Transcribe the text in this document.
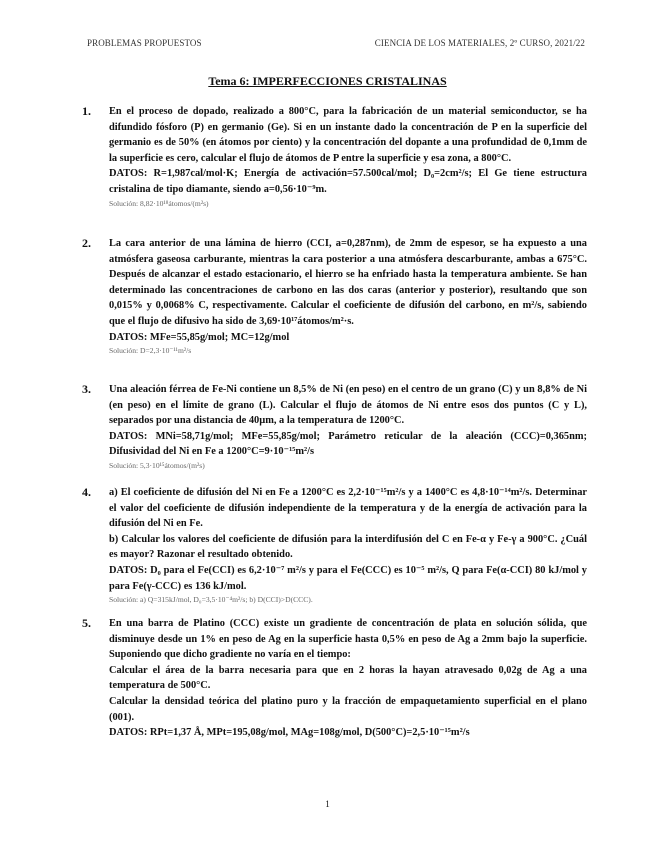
PROBLEMAS PROPUESTOS	CIENCIA DE LOS MATERIALES, 2º CURSO, 2021/22
Tema 6: IMPERFECCIONES CRISTALINAS
1. En el proceso de dopado, realizado a 800°C, para la fabricación de un material semiconductor, se ha difundido fósforo (P) en germanio (Ge). Si en un instante dado la concentración de P en la superficie del germanio es de 50% (en átomos por ciento) y la concentración del dopante a una profundidad de 0,1mm de la superficie es cero, calcular el flujo de átomos de P entre la superficie y esa zona, a 800°C.

DATOS: R=1,987cal/mol·K; Energía de activación=57.500cal/mol; D₀=2cm²/s; El Ge tiene estructura cristalina de tipo diamante, siendo a=0,56·10⁻⁹m.

Solución: 8,82·10¹⁸átomos/(m²s)

2. La cara anterior de una lámina de hierro (CCI, a=0,287nm), de 2mm de espesor, se ha expuesto a una atmósfera gaseosa carburante, mientras la cara posterior a una atmósfera descarburante, ambas a 675°C. Después de alcanzar el estado estacionario, el hierro se ha enfriado hasta la temperatura ambiente. Se han determinado las concentraciones de carbono en las dos caras (anterior y posterior), resultando que son 0,015% y 0,0068% C, respectivamente. Calcular el coeficiente de difusión del carbono, en m²/s, sabiendo que el flujo de difusivo ha sido de 3,69·10¹⁷átomos/m²·s.

DATOS: MFe=55,85g/mol; MC=12g/mol

Solución: D=2,3·10⁻¹¹m²/s

3. Una aleación férrea de Fe-Ni contiene un 8,5% de Ni (en peso) en el centro de un grano (C) y un 8,8% de Ni (en peso) en el límite de grano (L). Calcular el flujo de átomos de Ni entre esos dos puntos (C y L), separados por una distancia de 40µm, a la temperatura de 1200°C.

DATOS: MNi=58,71g/mol; MFe=55,85g/mol; Parámetro reticular de la aleación (CCC)=0,365nm; Difusividad del Ni en Fe a 1200°C=9·10⁻¹⁵m²/s

Solución: 5,3·10¹⁵átomos/(m²s)

4. a) El coeficiente de difusión del Ni en Fe a 1200°C es 2,2·10⁻¹⁵m²/s y a 1400°C es 4,8·10⁻¹⁴m²/s. Determinar el valor del coeficiente de difusión independiente de la temperatura y de la energía de activación para la difusión del Ni en Fe.

b) Calcular los valores del coeficiente de difusión para la interdifusión del C en Fe-α y Fe-γ a 900°C. ¿Cuál es mayor? Razonar el resultado obtenido.

DATOS: D₀ para el Fe(CCI) es 6,2·10⁻⁷ m²/s y para el Fe(CCC) es 10⁻⁵ m²/s, Q para Fe(α-CCI) 80 kJ/mol y para Fe(γ-CCC) es 136 kJ/mol.

Solución: a) Q=315kJ/mol, D₀=3,5·10⁻⁴m²/s; b) D(CCI)>D(CCC).

5. En una barra de Platino (CCC) existe un gradiente de concentración de plata en solución sólida, que disminuye desde un 1% en peso de Ag en la superficie hasta 0,5% en peso de Ag a 2mm bajo la superficie. Suponiendo que dicho gradiente no varía en el tiempo:

Calcular el área de la barra necesaria para que en 2 horas la hayan atravesado 0,02g de Ag a una temperatura de 500°C.

Calcular la densidad teórica del platino puro y la fracción de empaquetamiento superficial en el plano (001).

DATOS: RPt=1,37 Å, MPt=195,08g/mol, MAg=108g/mol, D(500°C)=2,5·10⁻¹⁵m²/s

1
